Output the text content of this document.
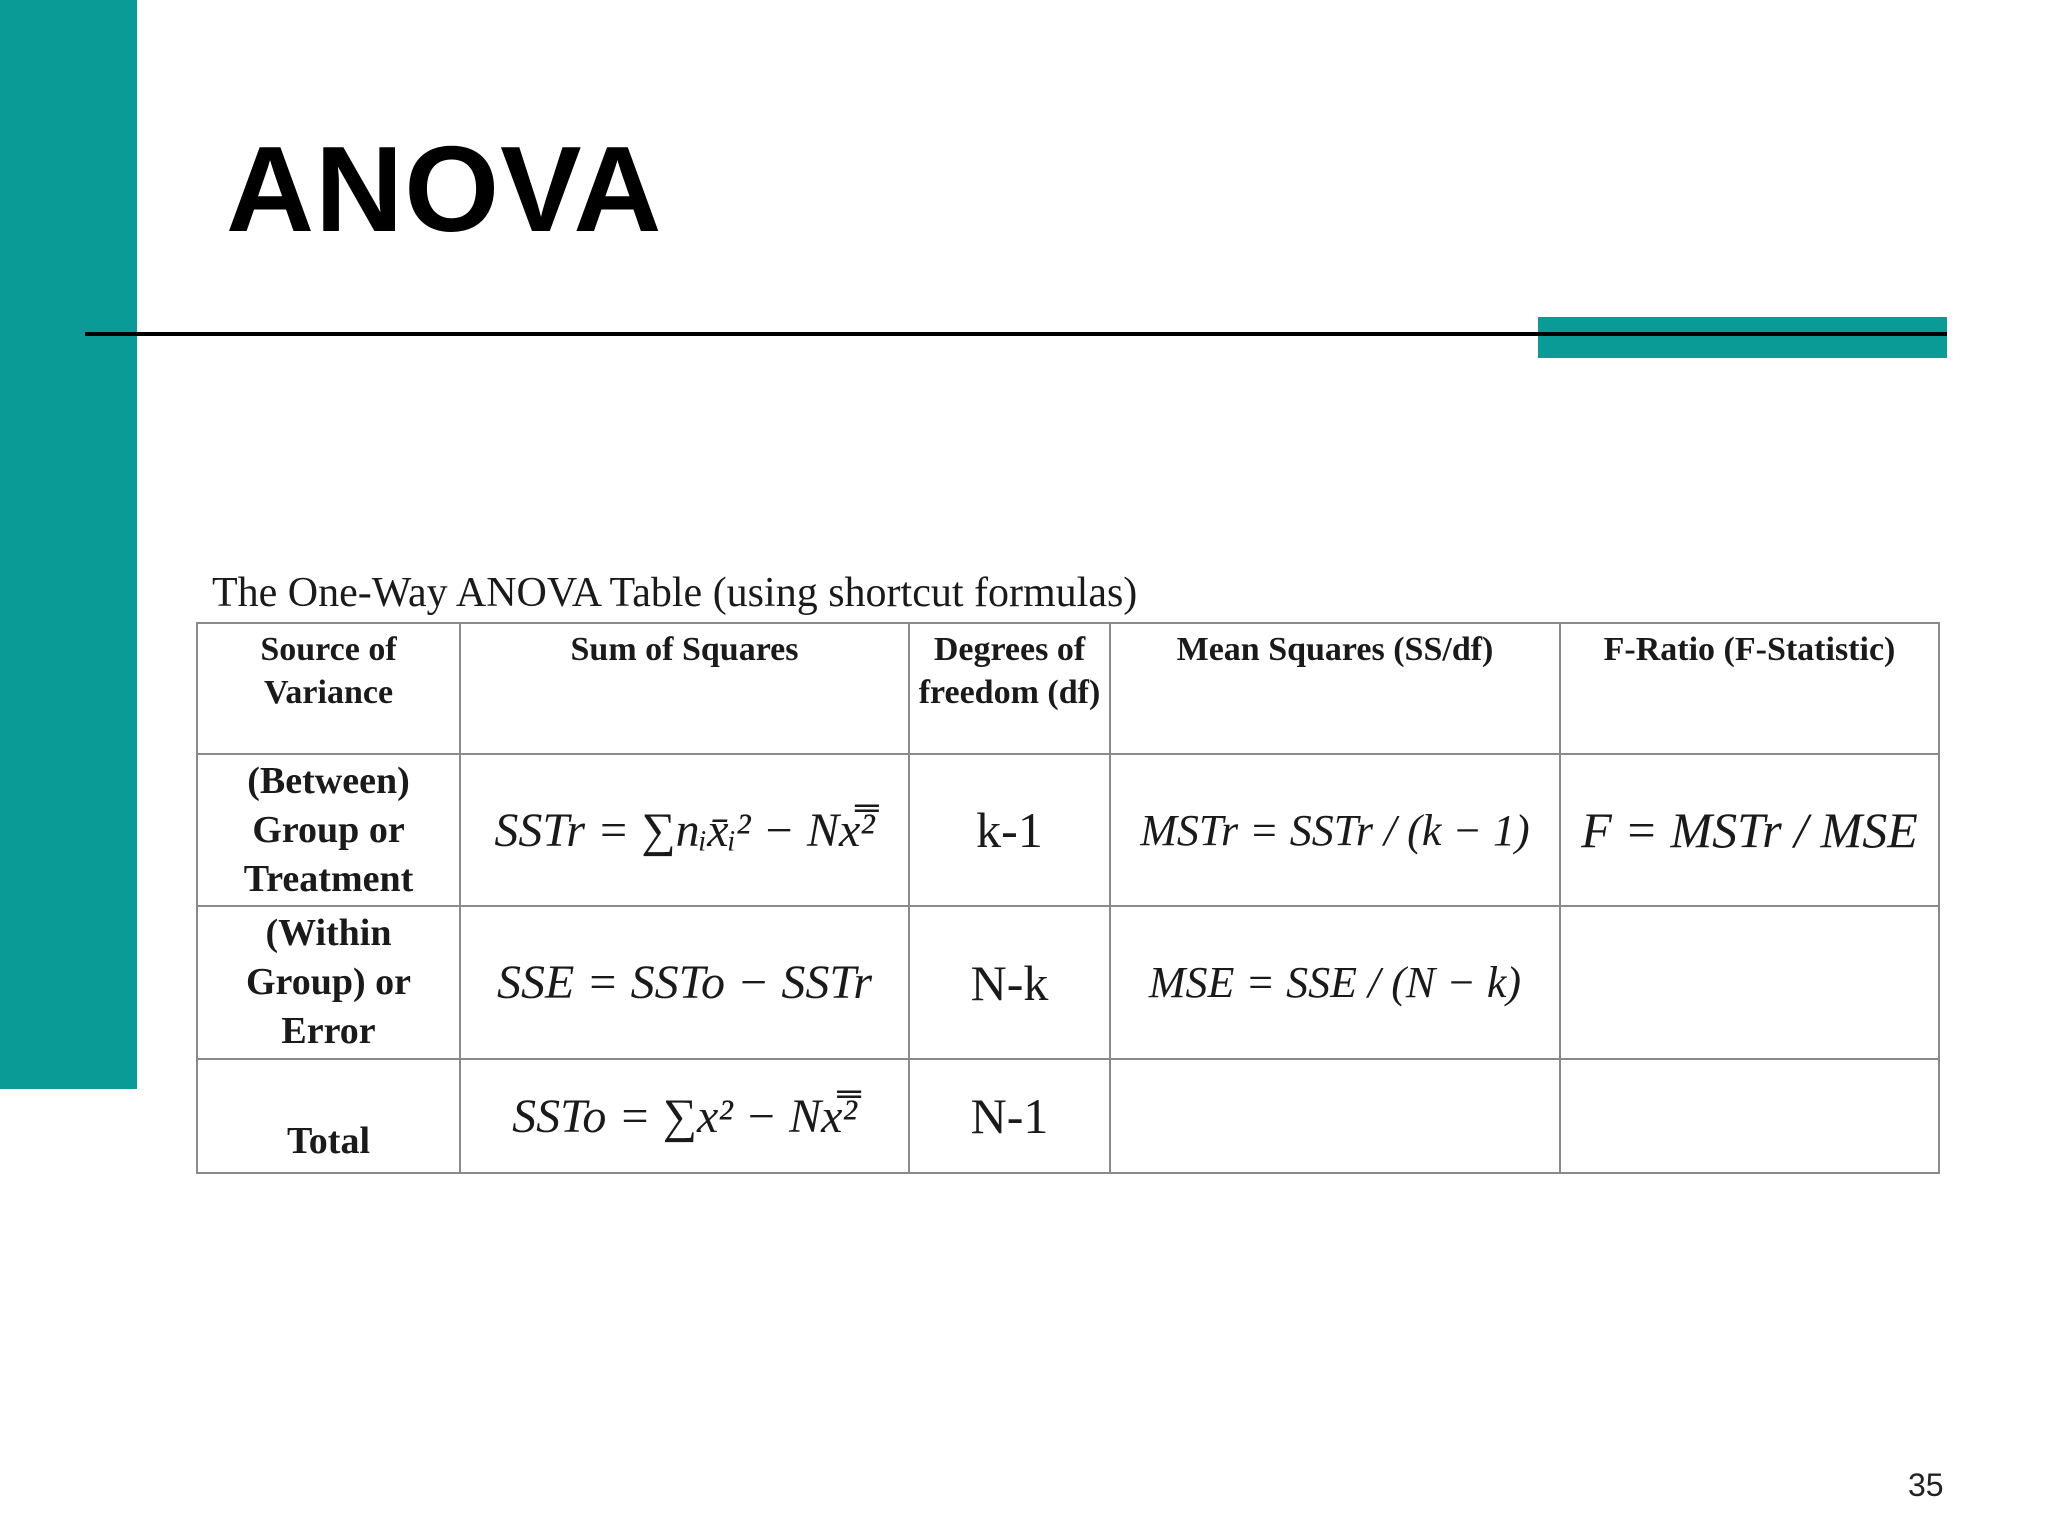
ANOVA
The One-Way ANOVA Table (using shortcut formulas)
Source of Variance	Sum of Squares	Degrees of freedom (df)	Mean Squares (SS/df)	F-Ratio (F-Statistic)
(Between) Group or Treatment	SSTr = ∑nᵢx̄ᵢ² − Nx̿²	k-1	MSTr = SSTr / (k − 1)	F = MSTr / MSE
(Within Group) or Error	SSE = SSTo − SSTr	N-k	MSE = SSE / (N − k)	
Total	SSTo = ∑x² − Nx̿²	N-1		
35
